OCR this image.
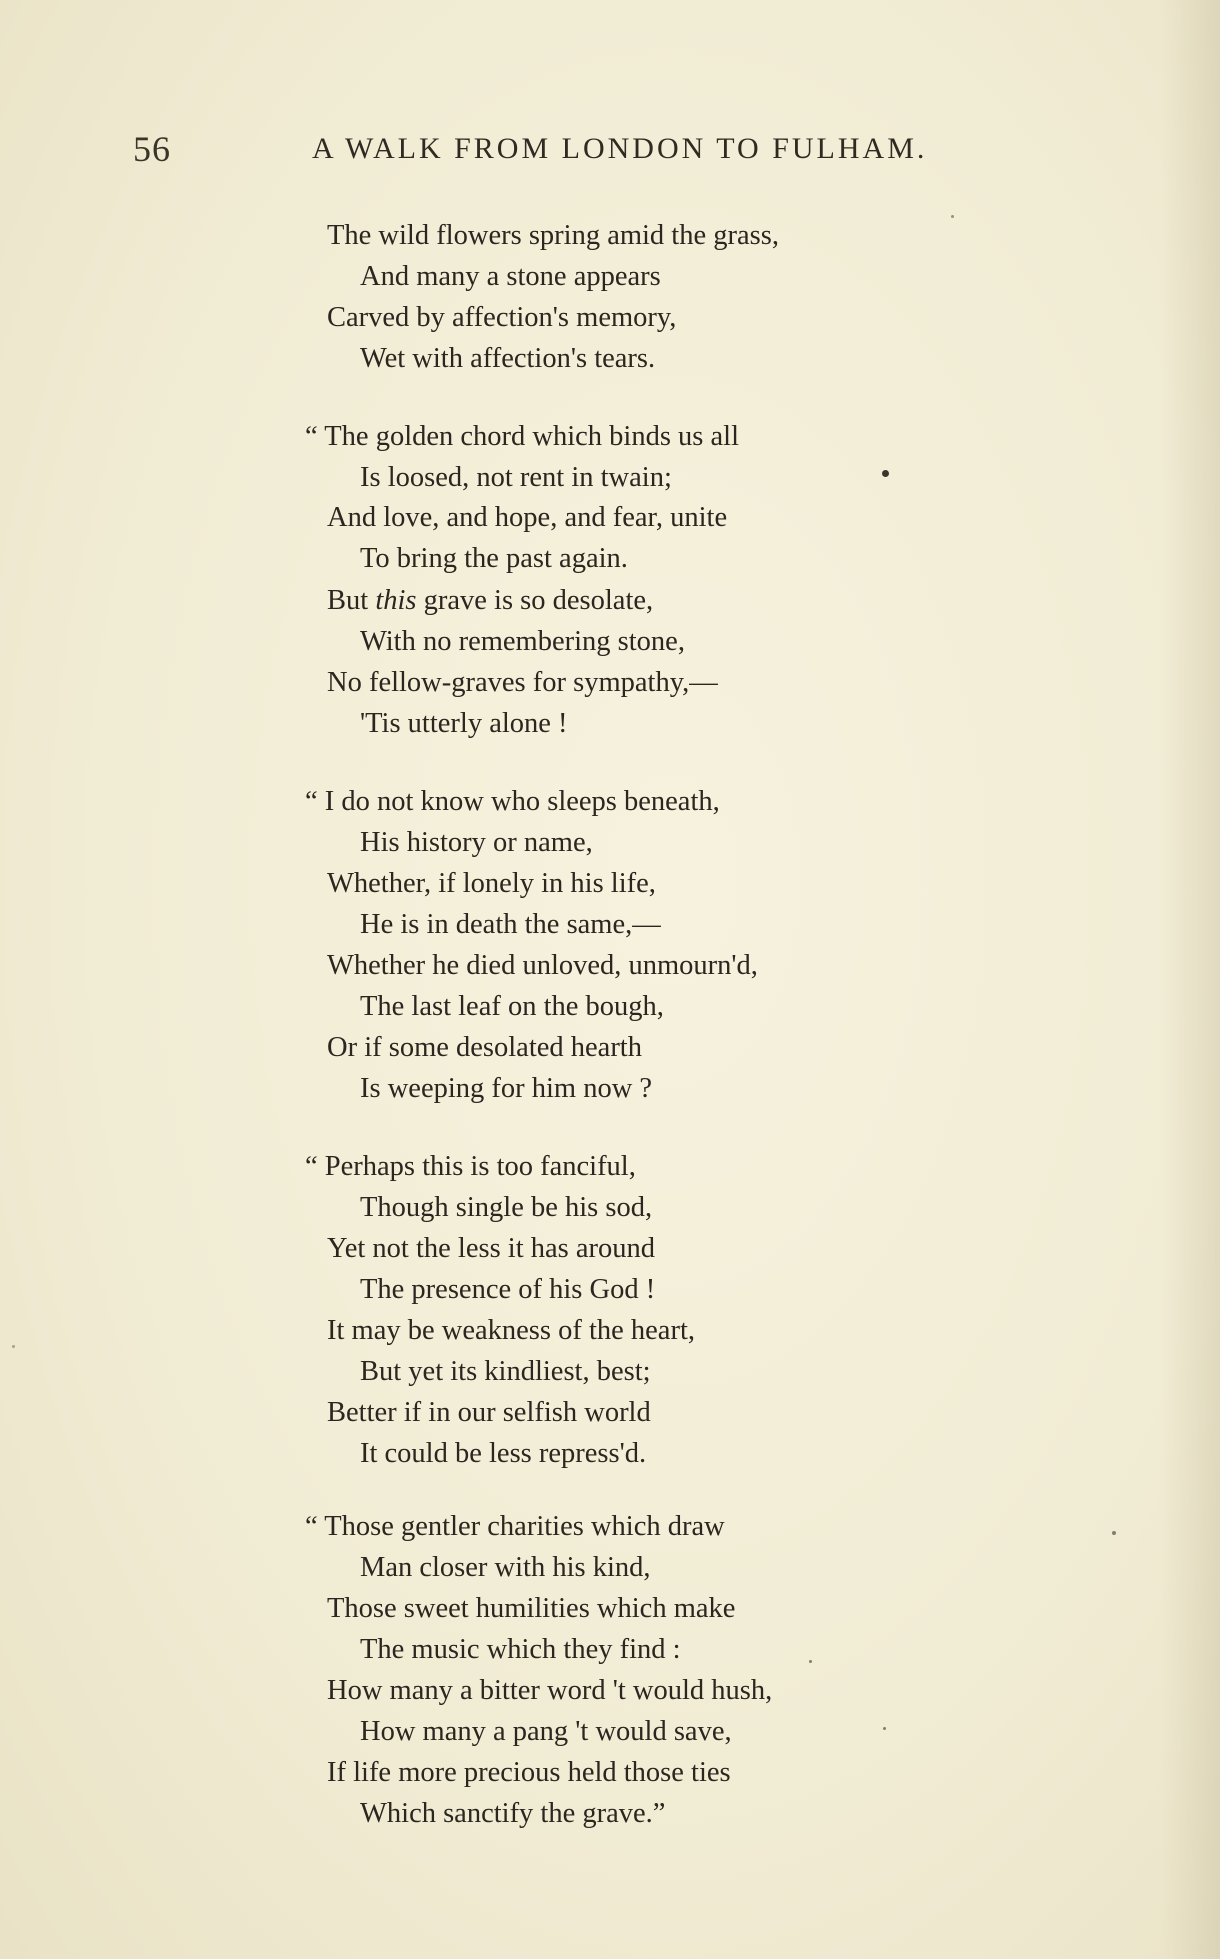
56	A WALK FROM LONDON TO FULHAM.
The wild flowers spring amid the grass,
And many a stone appears
Carved by affection's memory,
Wet with affection's tears.
“ The golden chord which binds us all
Is loosed, not rent in twain;
And love, and hope, and fear, unite
To bring the past again.
But this grave is so desolate,
With no remembering stone,
No fellow-graves for sympathy,—
'Tis utterly alone !
“ I do not know who sleeps beneath,
His history or name,
Whether, if lonely in his life,
He is in death the same,—
Whether he died unloved, unmourn'd,
The last leaf on the bough,
Or if some desolated hearth
Is weeping for him now ?
“ Perhaps this is too fanciful,
Though single be his sod,
Yet not the less it has around
The presence of his God !
It may be weakness of the heart,
But yet its kindliest, best;
Better if in our selfish world
It could be less repress'd.
“ Those gentler charities which draw
Man closer with his kind,
Those sweet humilities which make
The music which they find :
How many a bitter word 't would hush,
How many a pang 't would save,
If life more precious held those ties
Which sanctify the grave.”
